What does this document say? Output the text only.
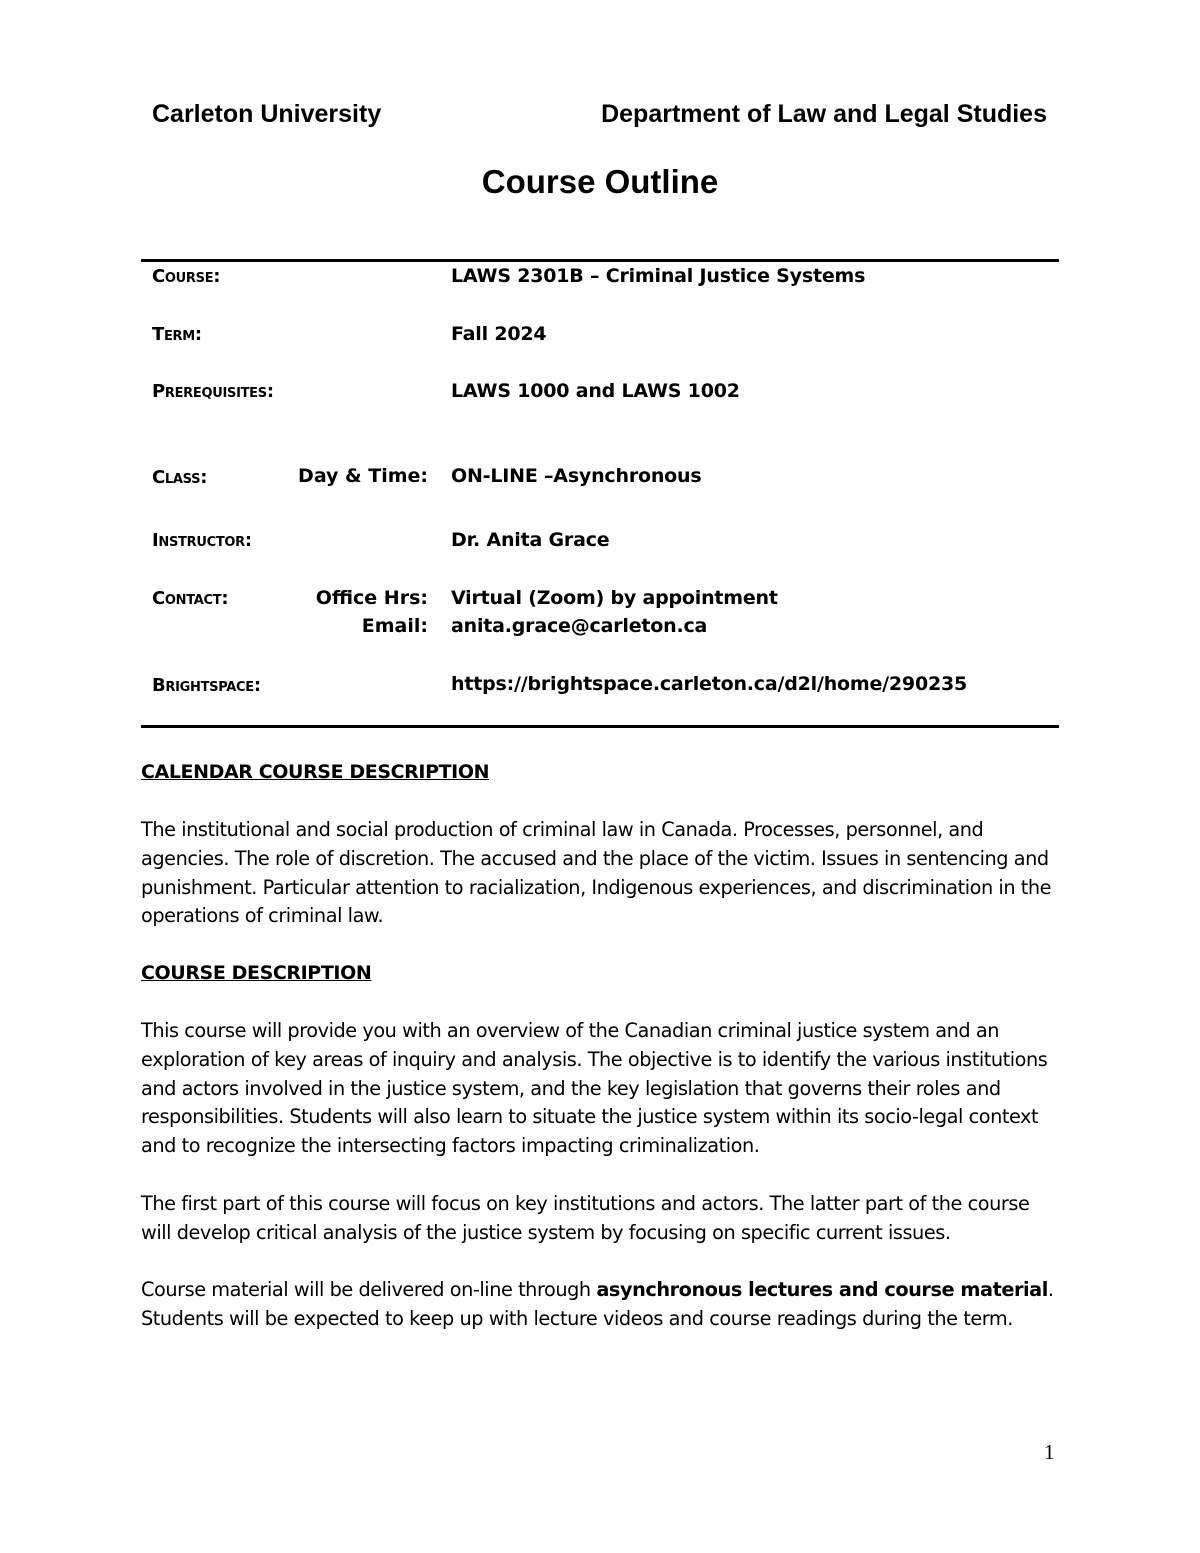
Carleton University	Department of Law and Legal Studies
Course Outline
Course:	LAWS 2301B – Criminal Justice Systems
Term:	Fall 2024
Prerequisites:	LAWS 1000 and LAWS 1002
Class:	Day & Time: ON-LINE –Asynchronous
Instructor:	Dr. Anita Grace
Contact:	Office Hrs: Virtual (Zoom) by appointment
Email: anita.grace@carleton.ca
Brightspace:	https://brightspace.carleton.ca/d2l/home/290235
CALENDAR COURSE DESCRIPTION
The institutional and social production of criminal law in Canada. Processes, personnel, and agencies. The role of discretion. The accused and the place of the victim. Issues in sentencing and punishment. Particular attention to racialization, Indigenous experiences, and discrimination in the operations of criminal law.
COURSE DESCRIPTION
This course will provide you with an overview of the Canadian criminal justice system and an exploration of key areas of inquiry and analysis. The objective is to identify the various institutions and actors involved in the justice system, and the key legislation that governs their roles and responsibilities. Students will also learn to situate the justice system within its socio-legal context and to recognize the intersecting factors impacting criminalization.
The first part of this course will focus on key institutions and actors. The latter part of the course will develop critical analysis of the justice system by focusing on specific current issues.
Course material will be delivered on-line through asynchronous lectures and course material. Students will be expected to keep up with lecture videos and course readings during the term.
1
